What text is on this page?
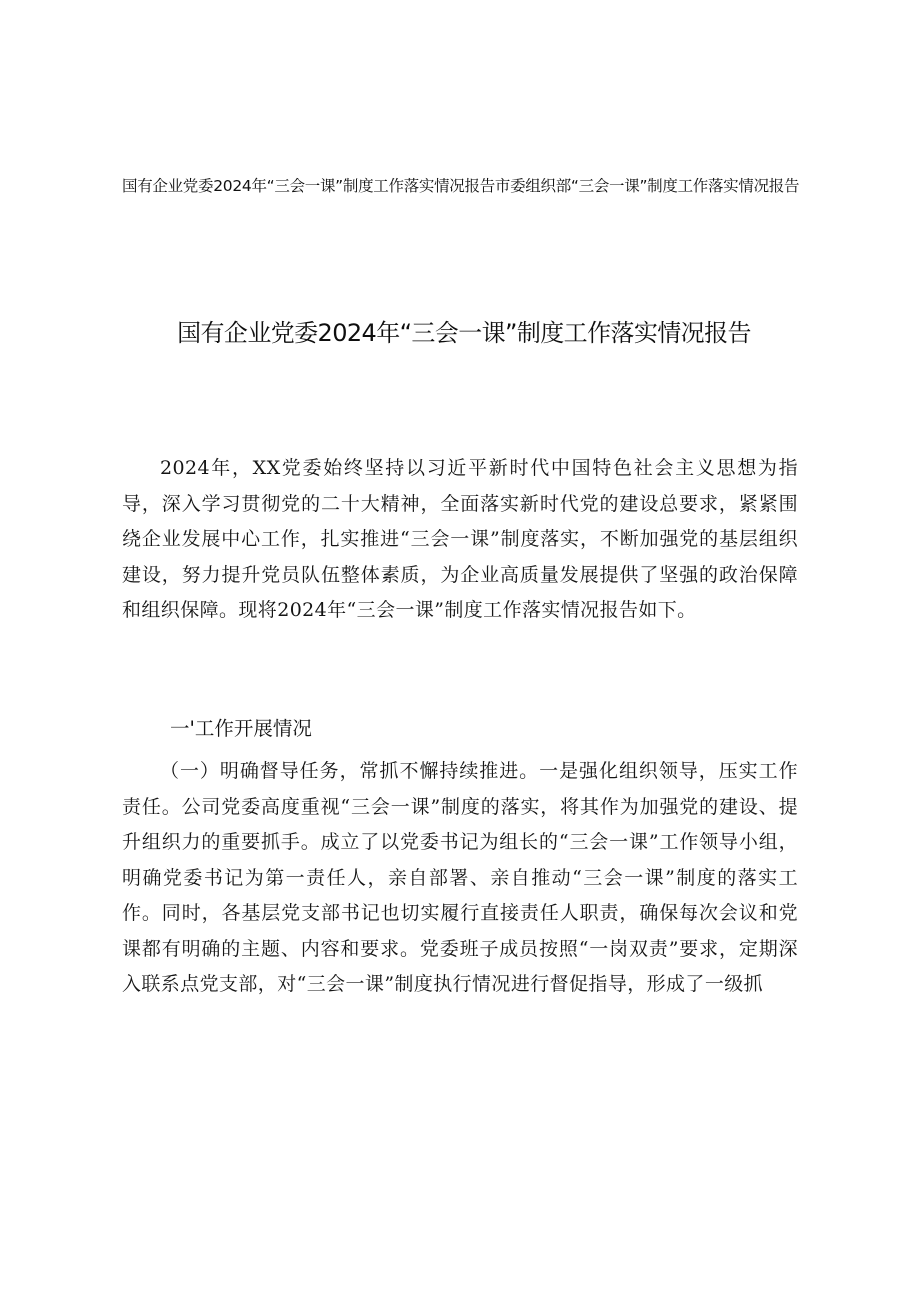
国有企业党委2024年“三会一课”制度工作落实情况报告市委组织部“三会一课”制度工作落实情况报告
国有企业党委2024年“三会一课”制度工作落实情况报告

2024年，XX党委始终坚持以习近平新时代中国特色社会主义思想为指导，深入学习贯彻党的二十大精神，全面落实新时代党的建设总要求，紧紧围绕企业发展中心工作，扎实推进“三会一课”制度落实，不断加强党的基层组织建设，努力提升党员队伍整体素质，为企业高质量发展提供了坚强的政治保障和组织保障。现将2024年“三会一课”制度工作落实情况报告如下。

一'工作开展情况

（一）明确督导任务，常抓不懈持续推进。一是强化组织领导，压实工作责任。公司党委高度重视“三会一课”制度的落实，将其作为加强党的建设、提升组织力的重要抓手。成立了以党委书记为组长的“三会一课”工作领导小组，明确党委书记为第一责任人，亲自部署、亲自推动“三会一课”制度的落实工作。同时，各基层党支部书记也切实履行直接责任人职责，确保每次会议和党课都有明确的主题、内容和要求。党委班子成员按照“一岗双责”要求，定期深入联系点党支部，对“三会一课”制度执行情况进行督促指导，形成了一级抓
